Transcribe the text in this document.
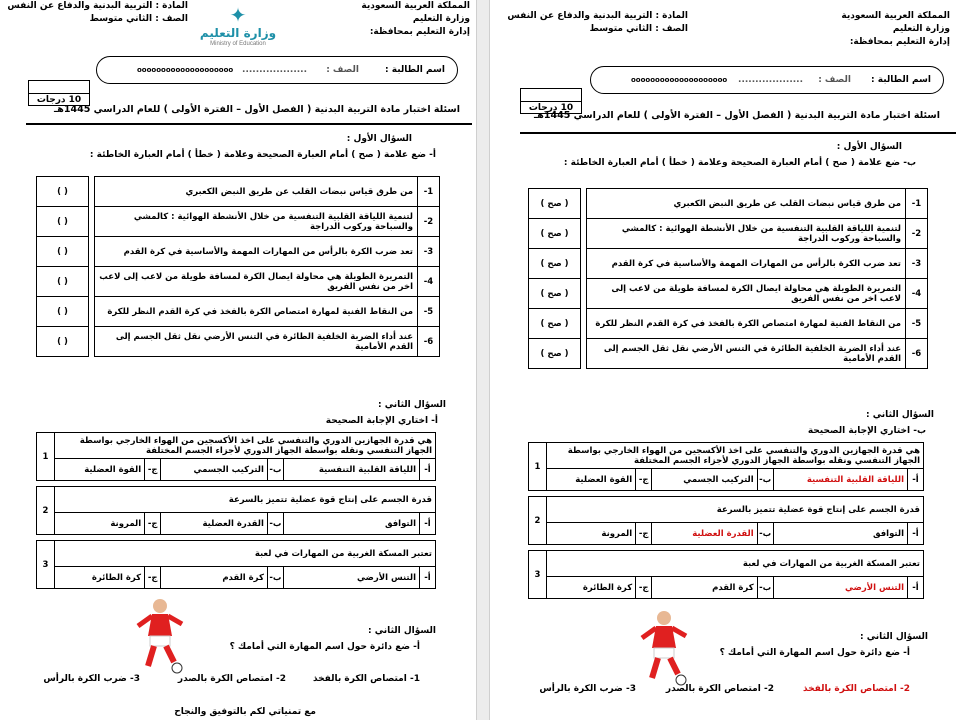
المملكة العربية السعودية
وزارة التعليم
إدارة التعليم بمحافظة:
✦
وزارة التعليم
Ministry of Education
المادة : التربية البدنية والدفاع عن النفس
الصف : الثاني متوسط
اسم الطالبة :
................... الصف :
oooooooooooooooooooo
10 درجات
اسئلة اختبار مادة التربية البدنية ( الفصل الأول – الفترة الأولى ) للعام الدراسي 1445هـ
السؤال الأول :
أ- ضع علامة ( صح ) أمام العبارة الصحيحة وعلامة ( خطأ ) أمام العبارة الخاطئة :
1-	من طرق قياس نبضات القلب عن طريق النبض الكعبري		( )
2-	لتنمية اللياقة القلبية التنفسية من خلال الأنشطة الهوائية : كالمشي والسباحة وركوب الدراجة		( )
3-	تعد ضرب الكرة بالرأس من المهارات المهمة والأساسية في كرة القدم		( )
4-	التمريرة الطويلة هي محاولة ايصال الكرة لمسافة طويلة من لاعب إلى لاعب اخر من نفس الفريق		( )
5-	من النقاط الفنية لمهارة امتصاص الكرة بالفخذ في كرة القدم النظر للكرة		( )
6-	عند أداء الضربة الخلفية الطائرة في التنس الأرضي نقل ثقل الجسم إلى القدم الأمامية		( )
السؤال الثاني :
أ- اختاري الإجابة الصحيحة
هي قدرة الجهازين الدوري والتنفسي على اخذ الأكسجين من الهواء الخارجي بواسطة الجهاز التنفسي ونقله بواسطة الجهاز الدوري لأجزاء الجسم المختلفة						1
أ-	اللياقة القلبية التنفسية	ب-	التركيب الجسمي	ج-	القوة العضلية	

قدرة الجسم على إنتاج قوة عضلية تتميز بالسرعة						2
أ-	التوافق	ب-	القدرة العضلية	ج-	المرونة	

تعتبر المسكة الغربية من المهارات في لعبة						3
أ-	التنس الأرضي	ب-	كرة القدم	ج-	كرة الطائرة	
السؤال الثاني :
أ- ضع دائرة حول اسم المهارة التي أمامك ؟
1- امتصاص الكرة بالفخذ
2- امتصاص الكرة بالصدر
3- ضرب الكرة بالرأس
مع تمنياتي لكم بالتوفيق والنجاح
المملكة العربية السعودية
وزارة التعليم
إدارة التعليم بمحافظة:
المادة : التربية البدنية والدفاع عن النفس
الصف : الثاني متوسط
اسم الطالبة :
................... الصف :
oooooooooooooooooooo
10 درجات
اسئلة اختبار مادة التربية البدنية ( الفصل الأول – الفترة الأولى ) للعام الدراسي 1445هـ
السؤال الأول :
ب- ضع علامة ( صح ) أمام العبارة الصحيحة وعلامة ( خطأ ) أمام العبارة الخاطئة :
1-	من طرق قياس نبضات القلب عن طريق النبض الكعبري		( صح )
2-	لتنمية اللياقة القلبية التنفسية من خلال الأنشطة الهوائية : كالمشي والسباحة وركوب الدراجة		( صح )
3-	تعد ضرب الكرة بالرأس من المهارات المهمة والأساسية في كرة القدم		( صح )
4-	التمريرة الطويلة هي محاولة ايصال الكرة لمسافة طويلة من لاعب إلى لاعب اخر من نفس الفريق		( صح )
5-	من النقاط الفنية لمهارة امتصاص الكرة بالفخذ في كرة القدم النظر للكرة		( صح )
6-	عند أداء الضربة الخلفية الطائرة في التنس الأرضي نقل ثقل الجسم إلى القدم الأمامية		( صح )
السؤال الثاني :
ب- اختاري الإجابة الصحيحة
هي قدرة الجهازين الدوري والتنفسي على اخذ الأكسجين من الهواء الخارجي بواسطة الجهاز التنفسي ونقله بواسطة الجهاز الدوري لأجزاء الجسم المختلفة						1
أ-	اللياقة القلبية التنفسية	ب-	التركيب الجسمي	ج-	القوة العضلية	

قدرة الجسم على إنتاج قوة عضلية تتميز بالسرعة						2
أ-	التوافق	ب-	القدرة العضلية	ج-	المرونة	

تعتبر المسكة الغربية من المهارات في لعبة						3
أ-	التنس الأرضي	ب-	كرة القدم	ج-	كرة الطائرة	
السؤال الثاني :
أ- ضع دائرة حول اسم المهارة التي أمامك ؟
2- امتصاص الكرة بالفخذ
2- امتصاص الكرة بالصدر
3- ضرب الكرة بالرأس
